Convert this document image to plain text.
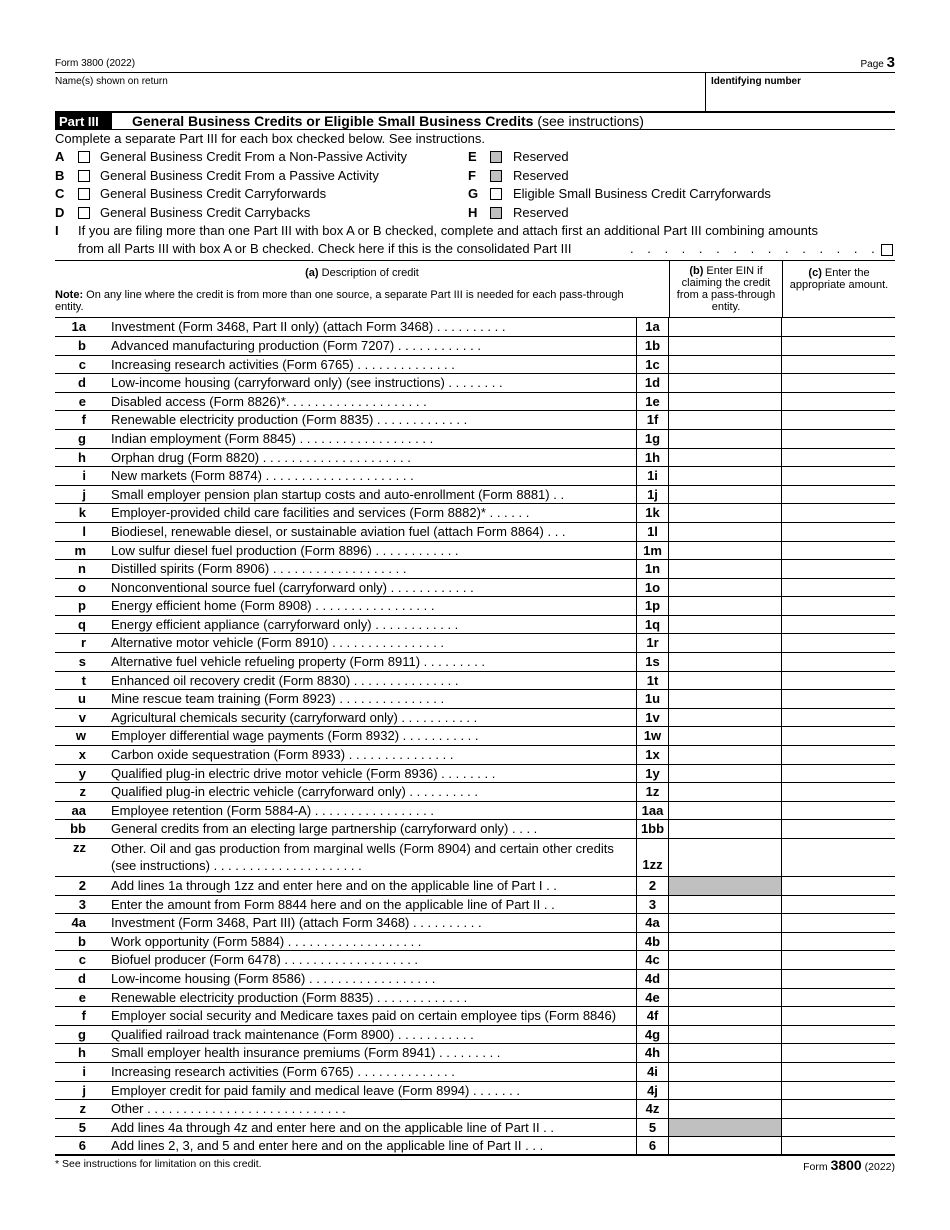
Form 3800 (2022)	Page 3
Name(s) shown on return	Identifying number
Part III	General Business Credits or Eligible Small Business Credits (see instructions)
Complete a separate Part III for each box checked below. See instructions.
A	General Business Credit From a Non-Passive Activity	E	Reserved
B	General Business Credit From a Passive Activity	F	Reserved
C	General Business Credit Carryforwards	G	Eligible Small Business Credit Carryforwards
D	General Business Credit Carrybacks	H	Reserved
I If you are filing more than one Part III with box A or B checked, complete and attach first an additional Part III combining amounts
from all Parts III with box A or B checked. Check here if this is the consolidated Part III	. . . . . . . . . . . . . . .
(a) Description of credit
Note: On any line where the credit is from more than one source, a separate Part III is needed for each pass-through entity.
(b) Enter EIN if claiming the credit from a pass-through entity.
(c) Enter the appropriate amount.
1a Investment (Form 3468, Part II only) (attach Form 3468) . . . . . . . . . .	1a
b Advanced manufacturing production (Form 7207) . . . . . . . . . . . .	1b
c Increasing research activities (Form 6765) . . . . . . . . . . . . . .	1c
d Low-income housing (carryforward only) (see instructions) . . . . . . . .	1d
e Disabled access (Form 8826)*. . . . . . . . . . . . . . . . . . . .	1e
f Renewable electricity production (Form 8835) . . . . . . . . . . . . .	1f
g Indian employment (Form 8845) . . . . . . . . . . . . . . . . . . .	1g
h Orphan drug (Form 8820) . . . . . . . . . . . . . . . . . . . . .	1h
i New markets (Form 8874) . . . . . . . . . . . . . . . . . . . . .	1i
j Small employer pension plan startup costs and auto-enrollment (Form 8881) . .	1j
k Employer-provided child care facilities and services (Form 8882)* . . . . . .	1k
l Biodiesel, renewable diesel, or sustainable aviation fuel (attach Form 8864) . . .	1l
m Low sulfur diesel fuel production (Form 8896) . . . . . . . . . . . .	1m
n Distilled spirits (Form 8906) . . . . . . . . . . . . . . . . . . .	1n
o Nonconventional source fuel (carryforward only) . . . . . . . . . . . .	1o
p Energy efficient home (Form 8908) . . . . . . . . . . . . . . . . .	1p
q Energy efficient appliance (carryforward only) . . . . . . . . . . . .	1q
r Alternative motor vehicle (Form 8910) . . . . . . . . . . . . . . . .	1r
s Alternative fuel vehicle refueling property (Form 8911) . . . . . . . . .	1s
t Enhanced oil recovery credit (Form 8830) . . . . . . . . . . . . . . .	1t
u Mine rescue team training (Form 8923) . . . . . . . . . . . . . . .	1u
v Agricultural chemicals security (carryforward only) . . . . . . . . . . .	1v
w Employer differential wage payments (Form 8932) . . . . . . . . . . .	1w
x Carbon oxide sequestration (Form 8933) . . . . . . . . . . . . . . .	1x
y Qualified plug-in electric drive motor vehicle (Form 8936) . . . . . . . .	1y
z Qualified plug-in electric vehicle (carryforward only) . . . . . . . . . .	1z
aa Employee retention (Form 5884-A) . . . . . . . . . . . . . . . . .	1aa
bb General credits from an electing large partnership (carryforward only) . . . .	1bb
zz Other. Oil and gas production from marginal wells (Form 8904) and certain other credits (see instructions) . . . . . . . . . . . . . . . . . . . . .	1zz
2 Add lines 1a through 1zz and enter here and on the applicable line of Part I . .	2
3 Enter the amount from Form 8844 here and on the applicable line of Part II . .	3
4a Investment (Form 3468, Part III) (attach Form 3468) . . . . . . . . . .	4a
b Work opportunity (Form 5884) . . . . . . . . . . . . . . . . . . .	4b
c Biofuel producer (Form 6478) . . . . . . . . . . . . . . . . . . .	4c
d Low-income housing (Form 8586) . . . . . . . . . . . . . . . . . .	4d
e Renewable electricity production (Form 8835) . . . . . . . . . . . . .	4e
f Employer social security and Medicare taxes paid on certain employee tips (Form 8846)	4f
g Qualified railroad track maintenance (Form 8900) . . . . . . . . . . .	4g
h Small employer health insurance premiums (Form 8941) . . . . . . . . .	4h
i Increasing research activities (Form 6765) . . . . . . . . . . . . . .	4i
j Employer credit for paid family and medical leave (Form 8994) . . . . . . .	4j
z Other . . . . . . . . . . . . . . . . . . . . . . . . . . . .	4z
5 Add lines 4a through 4z and enter here and on the applicable line of Part II . .	5
6 Add lines 2, 3, and 5 and enter here and on the applicable line of Part II . . .	6
* See instructions for limitation on this credit.	Form 3800 (2022)
